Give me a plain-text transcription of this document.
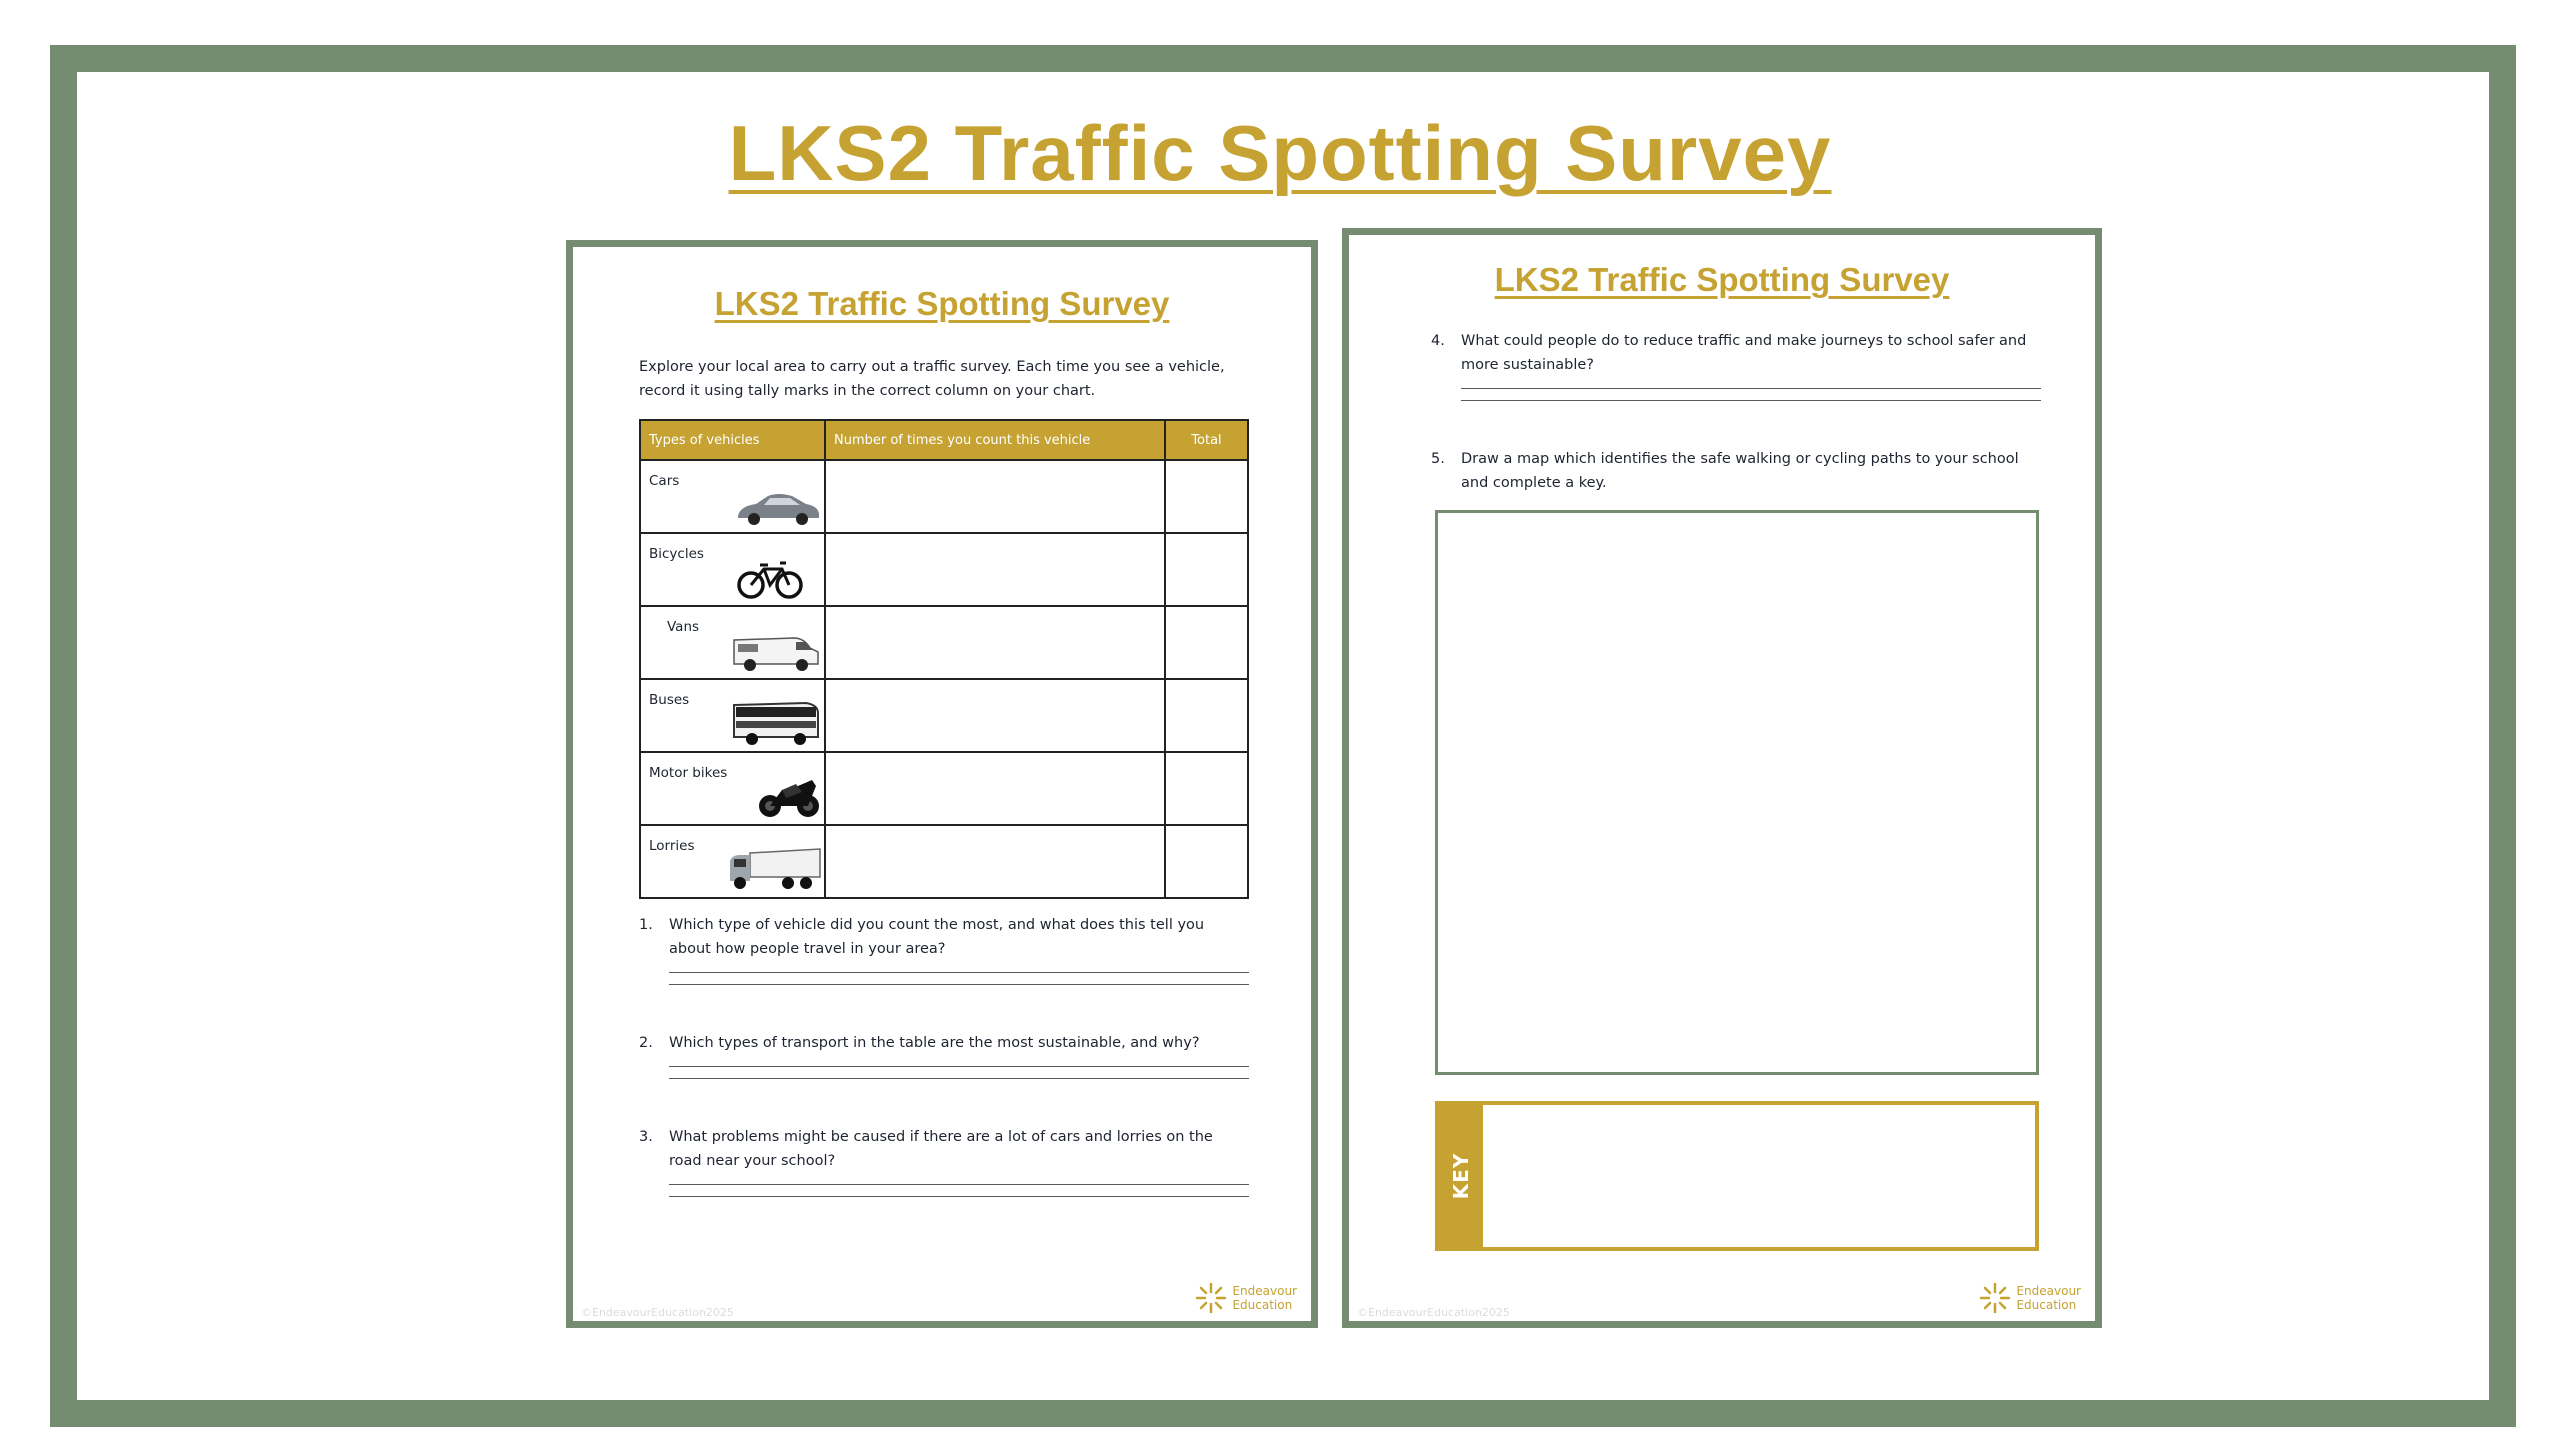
LKS2 Traffic Spotting Survey
LKS2 Traffic Spotting Survey
Explore your local area to carry out a traffic survey. Each time you see a vehicle, record it using tally marks in the correct column on your chart.
Types of vehicles	Number of times you count this vehicle	Total

Cars		

Bicycles		

Vans		

Buses		

Motor bikes		

Lorries		

1. Which type of vehicle did you count the most, and what does this tell you about how people travel in your area?
2. Which types of transport in the table are the most sustainable, and why?
3. What problems might be caused if there are a lot of cars and lorries on the road near your school?
©EndeavourEducation2025
Endeavour
Education
LKS2 Traffic Spotting Survey
4. What could people do to reduce traffic and make journeys to school safer and more sustainable?
5. Draw a map which identifies the safe walking or cycling paths to your school and complete a key.
KEY
©EndeavourEducation2025
Endeavour
Education
